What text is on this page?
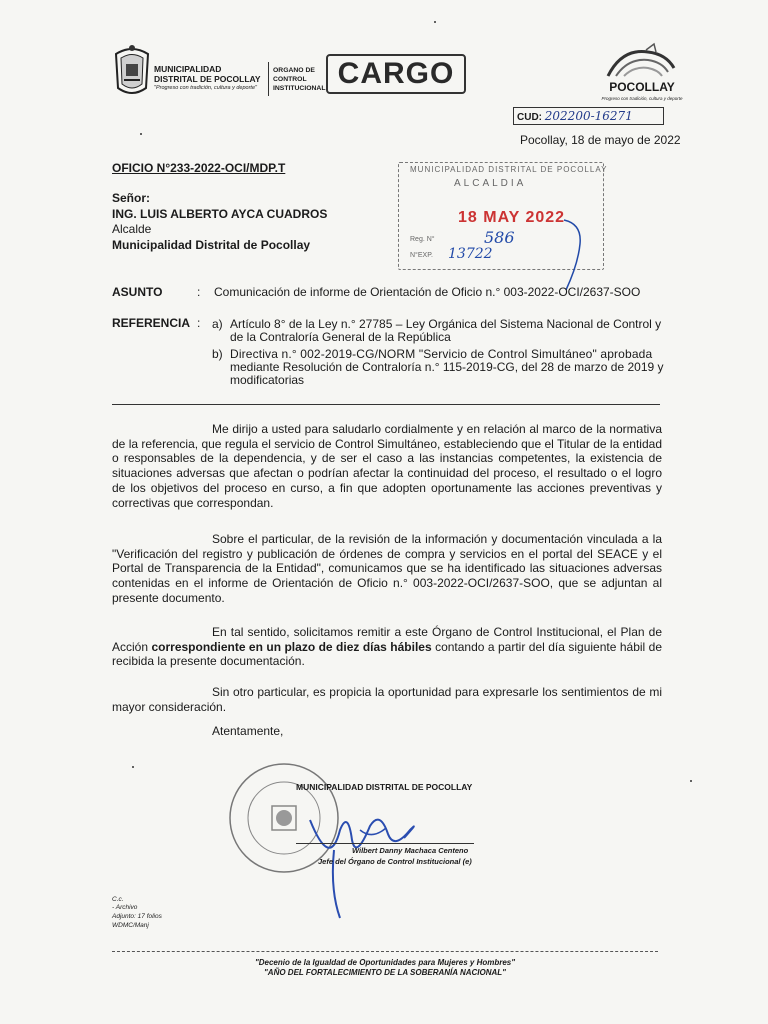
MUNICIPALIDAD DISTRITAL DE POCOLLAY
"Progreso con tradición, cultura y deporte"
ORGANO DE
CONTROL
INSTITUCIONAL CARGO	POCOLLAY
Progreso con tradición, cultura y deporte
CUD: 202200-16271
Pocollay, 18 de mayo de 2022
OFICIO N°233-2022-OCI/MDP.T
Señor:
ING. LUIS ALBERTO AYCA CUADROS
Alcalde
Municipalidad Distrital de Pocollay
MUNICIPALIDAD DISTRITAL DE POCOLLAY
ALCALDIA
18 MAY 2022
Reg. N°	586
N°EXP. 13722
ASUNTO	: Comunicación de informe de Orientación de Oficio n.° 003-2022-OCI/2637-SOO
REFERENCIA : a) Artículo 8° de la Ley n.° 27785 – Ley Orgánica del Sistema Nacional de Control y
de la Contraloría General de la República
b) Directiva n.° 002-2019-CG/NORM "Servicio de Control Simultáneo" aprobada
mediante Resolución de Contraloría n.° 115-2019-CG, del 28 de marzo de 2019 y
modificatorias
Me dirijo a usted para saludarlo cordialmente y en relación al marco de la normativa de la referencia, que regula el servicio de Control Simultáneo, estableciendo que el Titular de la entidad o responsables de la dependencia, y de ser el caso a las instancias competentes, la existencia de situaciones adversas que afectan o podrían afectar la continuidad del proceso, el resultado o el logro de los objetivos del proceso en curso, a fin que adopten oportunamente las acciones preventivas y correctivas que correspondan.
Sobre el particular, de la revisión de la información y documentación vinculada a la "Verificación del registro y publicación de órdenes de compra y servicios en el portal del SEACE y el Portal de Transparencia de la Entidad", comunicamos que se ha identificado las situaciones adversas contenidas en el informe de Orientación de Oficio n.° 003-2022-OCI/2637-SOO, que se adjuntan al presente documento.
En tal sentido, solicitamos remitir a este Órgano de Control Institucional, el Plan de Acción correspondiente en un plazo de diez días hábiles contando a partir del día siguiente hábil de recibida la presente documentación.
Sin otro particular, es propicia la oportunidad para expresarle los sentimientos de mi mayor consideración.
Atentamente,
MUNICIPALIDAD DISTRITAL DE POCOLLAY
Wilbert Danny Machaca Centeno
Jefe del Órgano de Control Institucional (e)
C.c.
- Archivo
Adjunto: 17 folios
WDMC/Manj
"Decenio de la Igualdad de Oportunidades para Mujeres y Hombres"
"AÑO DEL FORTALECIMIENTO DE LA SOBERANÍA NACIONAL"
